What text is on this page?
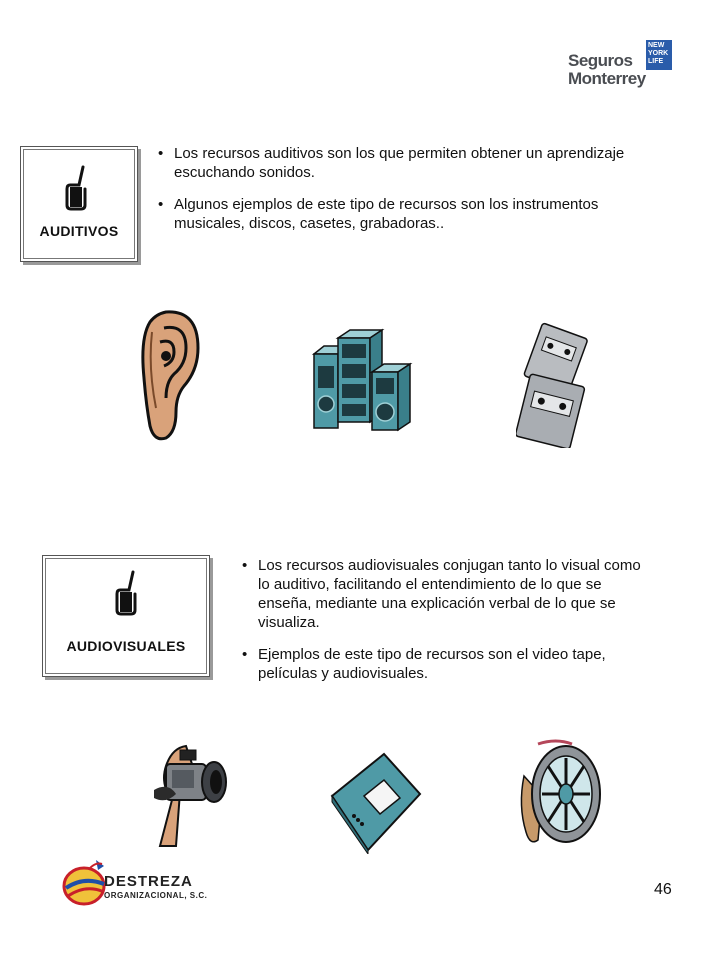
Seguros
Monterrey
NEW
YORK
LIFE
AUDITIVOS
• Los recursos auditivos son los que permiten obtener un aprendizaje escuchando sonidos.
• Algunos ejemplos de este tipo de recursos son los instrumentos musicales, discos, casetes, grabadoras..
AUDIOVISUALES
• Los recursos audiovisuales conjugan tanto lo visual como lo auditivo, facilitando el entendimiento de lo que se enseña, mediante una explicación verbal de lo que se visualiza.
• Ejemplos de este tipo de recursos son el video tape, películas y audiovisuales.
DESTREZA
ORGANIZACIONAL, S.C.	46
